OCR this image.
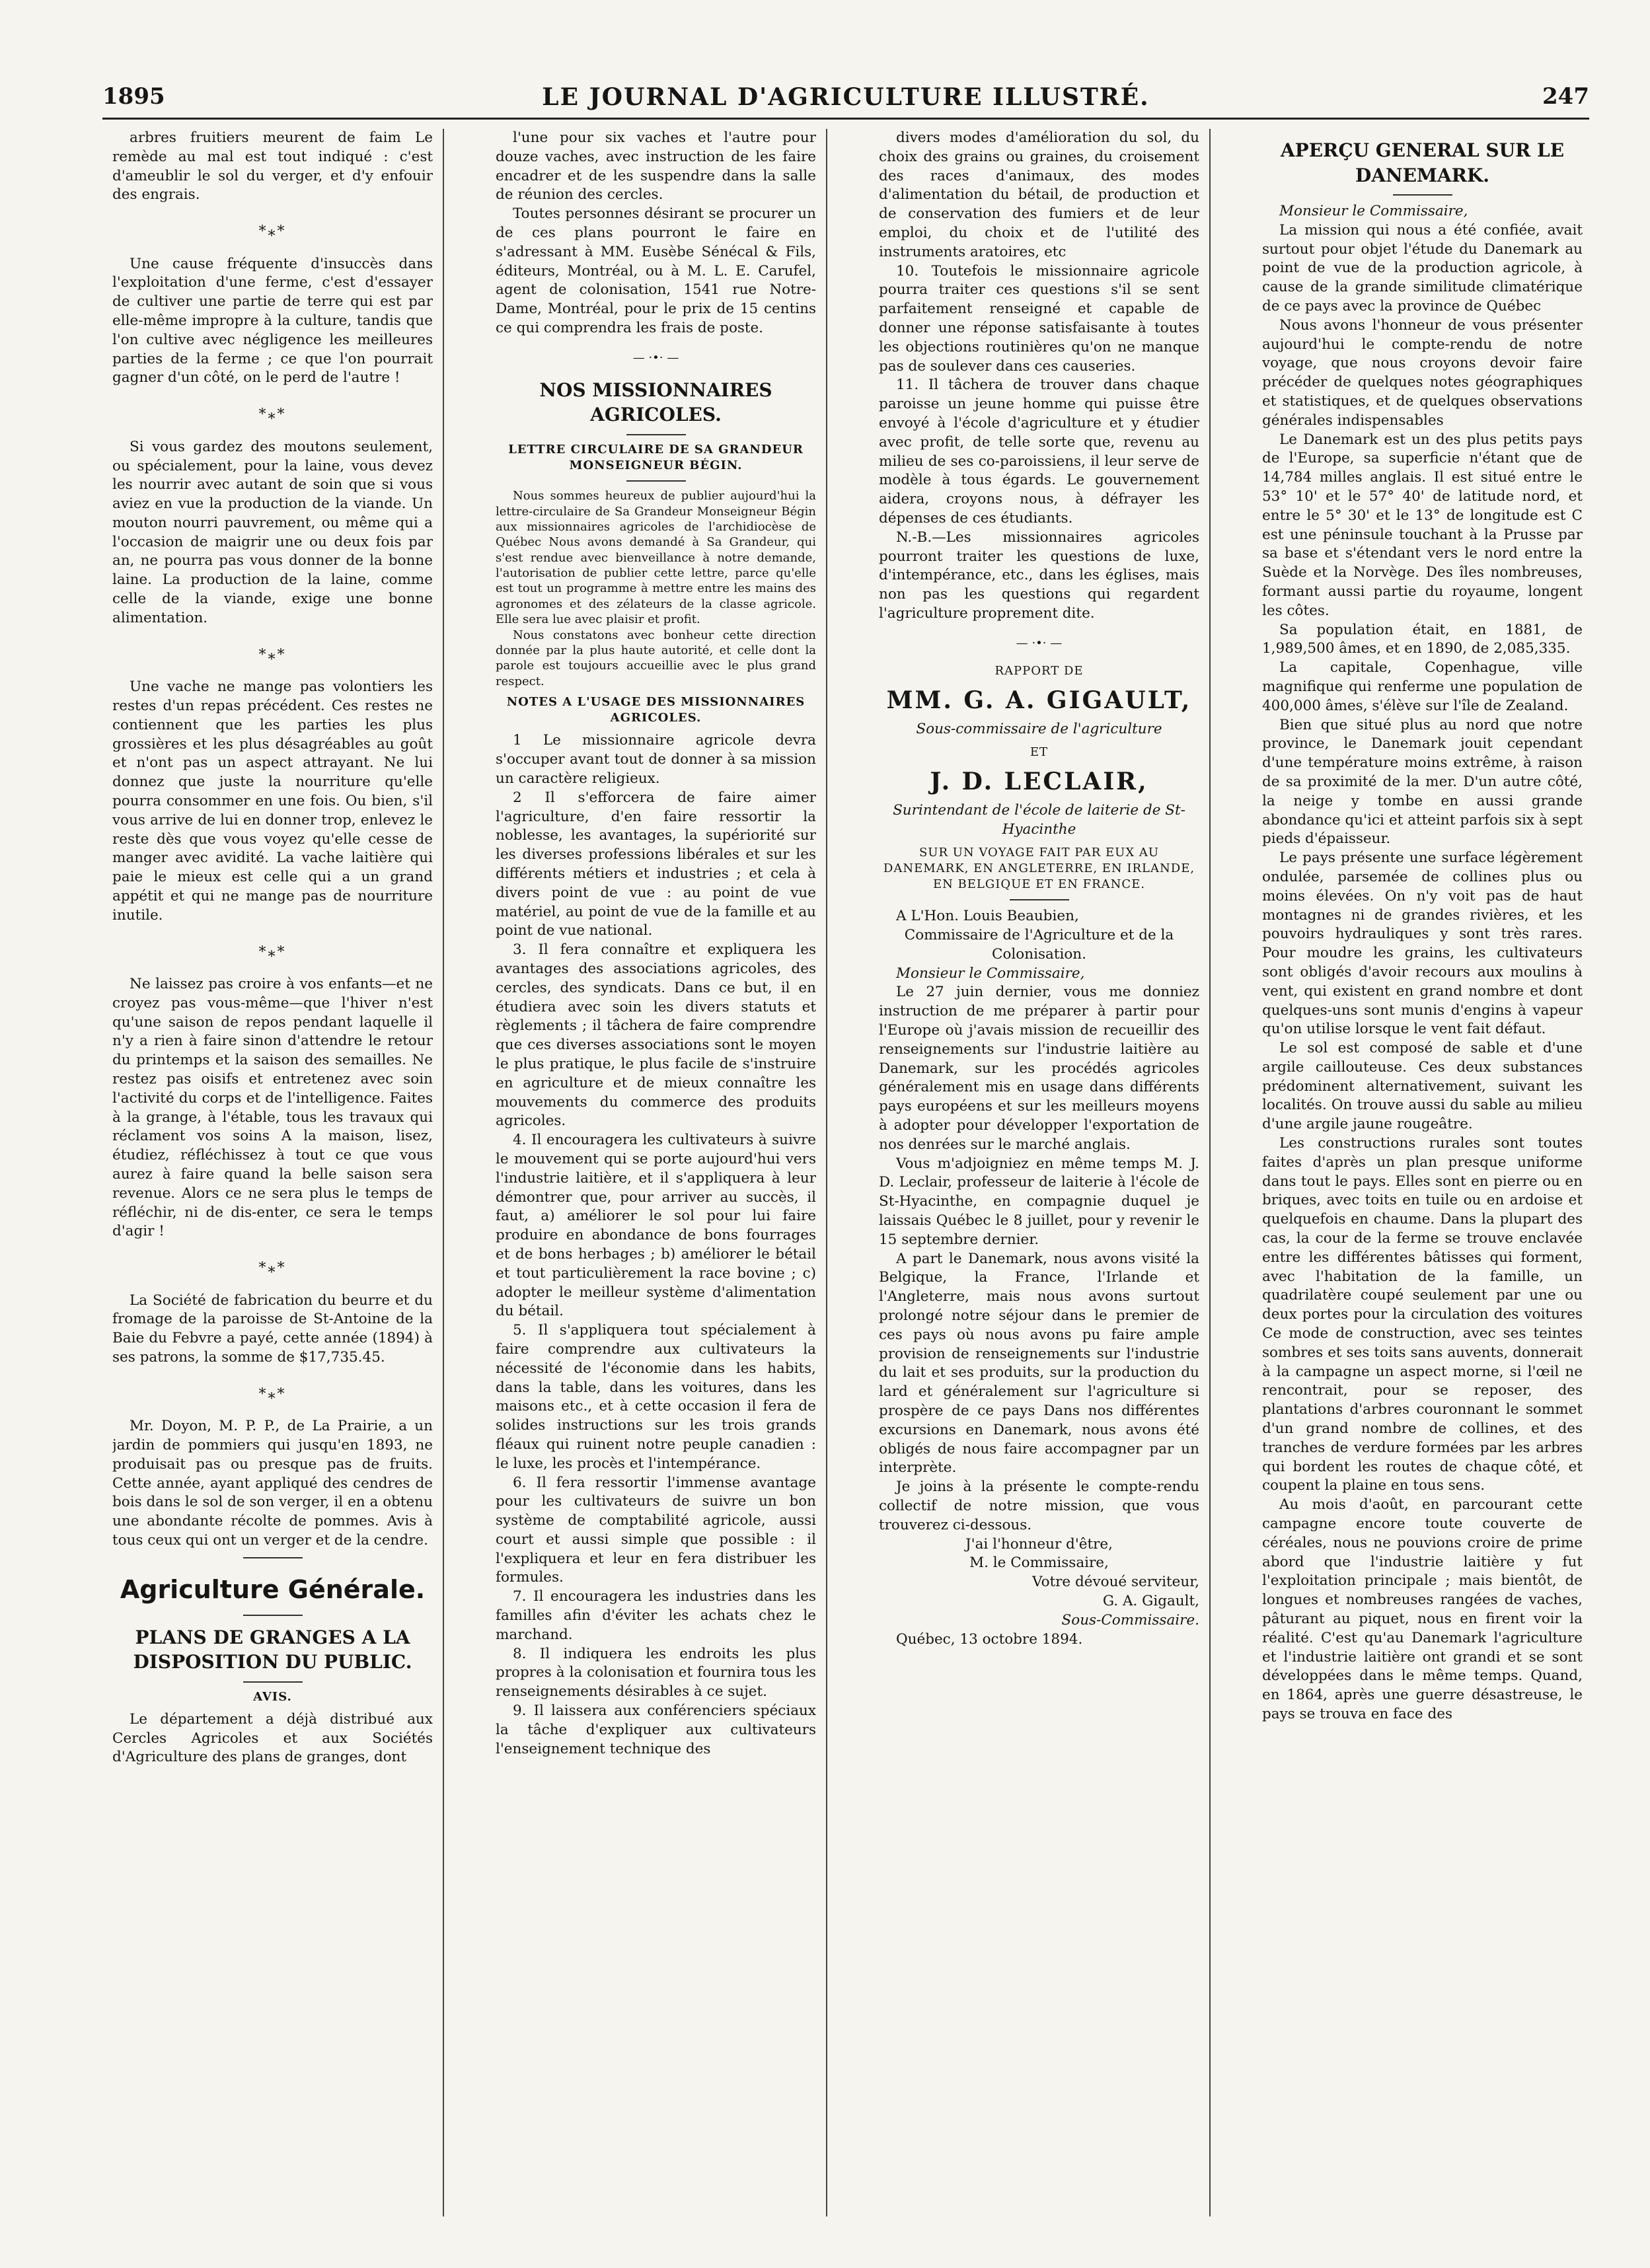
1895	LE JOURNAL D'AGRICULTURE ILLUSTRÉ.	247

arbres fruitiers meurent de faim Le remède au mal est tout indiqué : c'est d'ameublir le sol du verger, et d'y enfouir des engrais.

*⁎*

Une cause fréquente d'insuccès dans l'exploitation d'une ferme, c'est d'essayer de cultiver une partie de terre qui est par elle-même impropre à la culture, tandis que l'on cultive avec négligence les meilleures parties de la ferme ; ce que l'on pourrait gagner d'un côté, on le perd de l'autre !

*⁎*

Si vous gardez des moutons seulement, ou spécialement, pour la laine, vous devez les nourrir avec autant de soin que si vous aviez en vue la production de la viande. Un mouton nourri pauvrement, ou même qui a l'occasion de maigrir une ou deux fois par an, ne pourra pas vous donner de la bonne laine. La production de la laine, comme celle de la viande, exige une bonne alimentation.

*⁎*

Une vache ne mange pas volontiers les restes d'un repas précédent. Ces restes ne contiennent que les parties les plus grossières et les plus désagréables au goût et n'ont pas un aspect attrayant. Ne lui donnez que juste la nourriture qu'elle pourra consommer en une fois. Ou bien, s'il vous arrive de lui en donner trop, enlevez le reste dès que vous voyez qu'elle cesse de manger avec avidité. La vache laitière qui paie le mieux est celle qui a un grand appétit et qui ne mange pas de nourriture inutile.

*⁎*

Ne laissez pas croire à vos enfants—et ne croyez pas vous-même—que l'hiver n'est qu'une saison de repos pendant laquelle il n'y a rien à faire sinon d'attendre le retour du printemps et la saison des semailles. Ne restez pas oisifs et entretenez avec soin l'activité du corps et de l'intelligence. Faites à la grange, à l'étable, tous les travaux qui réclament vos soins A la maison, lisez, étudiez, réfléchissez à tout ce que vous aurez à faire quand la belle saison sera revenue. Alors ce ne sera plus le temps de réfléchir, ni de dis-enter, ce sera le temps d'agir !

*⁎*

La Société de fabrication du beurre et du fromage de la paroisse de St-Antoine de la Baie du Febvre a payé, cette année (1894) à ses patrons, la somme de $17,735.45.

*⁎*

Mr. Doyon, M. P. P., de La Prairie, a un jardin de pommiers qui jusqu'en 1893, ne produisait pas ou presque pas de fruits. Cette année, ayant appliqué des cendres de bois dans le sol de son verger, il en a obtenu une abondante récolte de pommes. Avis à tous ceux qui ont un verger et de la cendre.

Agriculture Générale.

PLANS DE GRANGES A LA DISPOSITION DU PUBLIC.

AVIS.

Le département a déjà distribué aux Cercles Agricoles et aux Sociétés d'Agriculture des plans de granges, dont

l'une pour six vaches et l'autre pour douze vaches, avec instruction de les faire encadrer et de les suspendre dans la salle de réunion des cercles.

Toutes personnes désirant se procurer un de ces plans pourront le faire en s'adressant à MM. Eusèbe Sénécal & Fils, éditeurs, Montréal, ou à M. L. E. Carufel, agent de colonisation, 1541 rue Notre-Dame, Montréal, pour le prix de 15 centins ce qui comprendra les frais de poste.

— ·•· —

NOS MISSIONNAIRES AGRICOLES.

LETTRE CIRCULAIRE DE SA GRANDEUR MONSEIGNEUR BÉGIN.

Nous sommes heureux de publier aujourd'hui la lettre-circulaire de Sa Grandeur Monseigneur Bégin aux missionnaires agricoles de l'archidiocèse de Québec Nous avons demandé à Sa Grandeur, qui s'est rendue avec bienveillance à notre demande, l'autorisation de publier cette lettre, parce qu'elle est tout un programme à mettre entre les mains des agronomes et des zélateurs de la classe agricole. Elle sera lue avec plaisir et profit.

Nous constatons avec bonheur cette direction donnée par la plus haute autorité, et celle dont la parole est toujours accueillie avec le plus grand respect.

NOTES A L'USAGE DES MISSIONNAIRES AGRICOLES.

1 Le missionnaire agricole devra s'occuper avant tout de donner à sa mission un caractère religieux.

2 Il s'efforcera de faire aimer l'agriculture, d'en faire ressortir la noblesse, les avantages, la supériorité sur les diverses professions libérales et sur les différents métiers et industries ; et cela à divers point de vue : au point de vue matériel, au point de vue de la famille et au point de vue national.

3. Il fera connaître et expliquera les avantages des associations agricoles, des cercles, des syndicats. Dans ce but, il en étudiera avec soin les divers statuts et règlements ; il tâchera de faire comprendre que ces diverses associations sont le moyen le plus pratique, le plus facile de s'instruire en agriculture et de mieux connaître les mouvements du commerce des produits agricoles.

4. Il encouragera les cultivateurs à suivre le mouvement qui se porte aujourd'hui vers l'industrie laitière, et il s'appliquera à leur démontrer que, pour arriver au succès, il faut, a) améliorer le sol pour lui faire produire en abondance de bons fourrages et de bons herbages ; b) améliorer le bétail et tout particulièrement la race bovine ; c) adopter le meilleur système d'alimentation du bétail.

5. Il s'appliquera tout spécialement à faire comprendre aux cultivateurs la nécessité de l'économie dans les habits, dans la table, dans les voitures, dans les maisons etc., et à cette occasion il fera de solides instructions sur les trois grands fléaux qui ruinent notre peuple canadien : le luxe, les procès et l'intempérance.

6. Il fera ressortir l'immense avantage pour les cultivateurs de suivre un bon système de comptabilité agricole, aussi court et aussi simple que possible : il l'expliquera et leur en fera distribuer les formules.

7. Il encouragera les industries dans les familles afin d'éviter les achats chez le marchand.

8. Il indiquera les endroits les plus propres à la colonisation et fournira tous les renseignements désirables à ce sujet.

9. Il laissera aux conférenciers spéciaux la tâche d'expliquer aux cultivateurs l'enseignement technique des

divers modes d'amélioration du sol, du choix des grains ou graines, du croisement des races d'animaux, des modes d'alimentation du bétail, de production et de conservation des fumiers et de leur emploi, du choix et de l'utilité des instruments aratoires, etc

10. Toutefois le missionnaire agricole pourra traiter ces questions s'il se sent parfaitement renseigné et capable de donner une réponse satisfaisante à toutes les objections routinières qu'on ne manque pas de soulever dans ces causeries.

11. Il tâchera de trouver dans chaque paroisse un jeune homme qui puisse être envoyé à l'école d'agriculture et y étudier avec profit, de telle sorte que, revenu au milieu de ses co-paroissiens, il leur serve de modèle à tous égards. Le gouvernement aidera, croyons nous, à défrayer les dépenses de ces étudiants.

N.-B.—Les missionnaires agricoles pourront traiter les questions de luxe, d'intempérance, etc., dans les églises, mais non pas les questions qui regardent l'agriculture proprement dite.

— ·•· —

RAPPORT DE

MM. G. A. GIGAULT,

Sous-commissaire de l'agriculture

ET

J. D. LECLAIR,

Surintendant de l'école de laiterie de St-Hyacinthe

SUR UN VOYAGE FAIT PAR EUX AU DANEMARK, EN ANGLETERRE, EN IRLANDE, EN BELGIQUE ET EN FRANCE.

A L'Hon. Louis Beaubien,

Commissaire de l'Agriculture et de la Colonisation.

Monsieur le Commissaire,

Le 27 juin dernier, vous me donniez instruction de me préparer à partir pour l'Europe où j'avais mission de recueillir des renseignements sur l'industrie laitière au Danemark, sur les procédés agricoles généralement mis en usage dans différents pays européens et sur les meilleurs moyens à adopter pour développer l'exportation de nos denrées sur le marché anglais.

Vous m'adjoigniez en même temps M. J. D. Leclair, professeur de laiterie à l'école de St-Hyacinthe, en compagnie duquel je laissais Québec le 8 juillet, pour y revenir le 15 septembre dernier.

A part le Danemark, nous avons visité la Belgique, la France, l'Irlande et l'Angleterre, mais nous avons surtout prolongé notre séjour dans le premier de ces pays où nous avons pu faire ample provision de renseignements sur l'industrie du lait et ses produits, sur la production du lard et généralement sur l'agriculture si prospère de ce pays Dans nos différentes excursions en Danemark, nous avons été obligés de nous faire accompagner par un interprète.

Je joins à la présente le compte-rendu collectif de notre mission, que vous trouverez ci-dessous.

J'ai l'honneur d'être,

M. le Commissaire,

Votre dévoué serviteur,

G. A. Gigault,

Sous-Commissaire.

Québec, 13 octobre 1894.

APERÇU GENERAL SUR LE DANEMARK.

Monsieur le Commissaire,

La mission qui nous a été confiée, avait surtout pour objet l'étude du Danemark au point de vue de la production agricole, à cause de la grande similitude climatérique de ce pays avec la province de Québec

Nous avons l'honneur de vous présenter aujourd'hui le compte-rendu de notre voyage, que nous croyons devoir faire précéder de quelques notes géographiques et statistiques, et de quelques observations générales indispensables

Le Danemark est un des plus petits pays de l'Europe, sa superficie n'étant que de 14,784 milles anglais. Il est situé entre le 53° 10' et le 57° 40' de latitude nord, et entre le 5° 30' et le 13° de longitude est C est une péninsule touchant à la Prusse par sa base et s'étendant vers le nord entre la Suède et la Norvège. Des îles nombreuses, formant aussi partie du royaume, longent les côtes.

Sa population était, en 1881, de 1,989,500 âmes, et en 1890, de 2,085,335.

La capitale, Copenhague, ville magnifique qui renferme une population de 400,000 âmes, s'élève sur l'île de Zealand.

Bien que situé plus au nord que notre province, le Danemark jouit cependant d'une température moins extrême, à raison de sa proximité de la mer. D'un autre côté, la neige y tombe en aussi grande abondance qu'ici et atteint parfois six à sept pieds d'épaisseur.

Le pays présente une surface légèrement ondulée, parsemée de collines plus ou moins élevées. On n'y voit pas de haut montagnes ni de grandes rivières, et les pouvoirs hydrauliques y sont très rares. Pour moudre les grains, les cultivateurs sont obligés d'avoir recours aux moulins à vent, qui existent en grand nombre et dont quelques-uns sont munis d'engins à vapeur qu'on utilise lorsque le vent fait défaut.

Le sol est composé de sable et d'une argile caillouteuse. Ces deux substances prédominent alternativement, suivant les localités. On trouve aussi du sable au milieu d'une argile jaune rougeâtre.

Les constructions rurales sont toutes faites d'après un plan presque uniforme dans tout le pays. Elles sont en pierre ou en briques, avec toits en tuile ou en ardoise et quelquefois en chaume. Dans la plupart des cas, la cour de la ferme se trouve enclavée entre les différentes bâtisses qui forment, avec l'habitation de la famille, un quadrilatère coupé seulement par une ou deux portes pour la circulation des voitures Ce mode de construction, avec ses teintes sombres et ses toits sans auvents, donnerait à la campagne un aspect morne, si l'œil ne rencontrait, pour se reposer, des plantations d'arbres couronnant le sommet d'un grand nombre de collines, et des tranches de verdure formées par les arbres qui bordent les routes de chaque côté, et coupent la plaine en tous sens.

Au mois d'août, en parcourant cette campagne encore toute couverte de céréales, nous ne pouvions croire de prime abord que l'industrie laitière y fut l'exploitation principale ; mais bientôt, de longues et nombreuses rangées de vaches, pâturant au piquet, nous en firent voir la réalité. C'est qu'au Danemark l'agriculture et l'industrie laitière ont grandi et se sont développées dans le même temps. Quand, en 1864, après une guerre désastreuse, le pays se trouva en face des
